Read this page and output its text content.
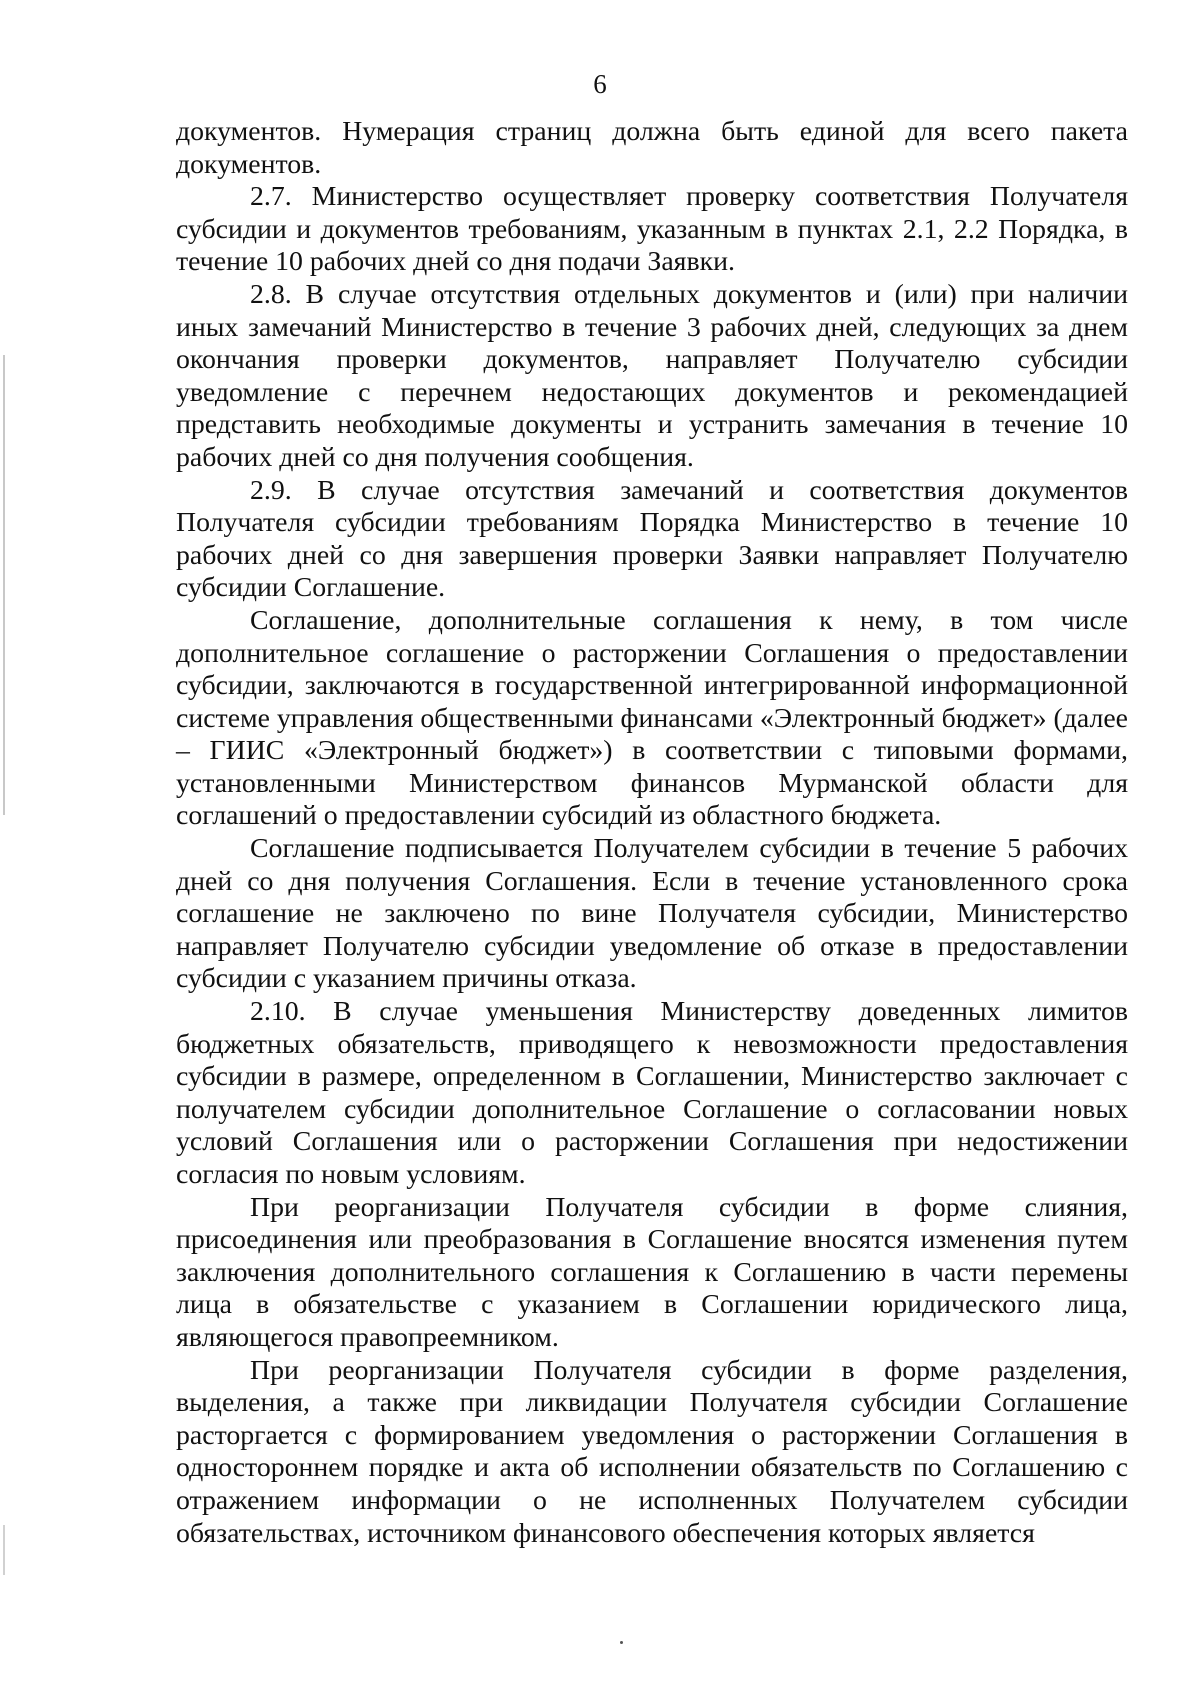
6

документов. Нумерация страниц должна быть единой для всего пакета документов.

2.7. Министерство осуществляет проверку соответствия Получателя субсидии и документов требованиям, указанным в пунктах 2.1, 2.2 Порядка, в течение 10 рабочих дней со дня подачи Заявки.

2.8. В случае отсутствия отдельных документов и (или) при наличии иных замечаний Министерство в течение 3 рабочих дней, следующих за днем окончания проверки документов, направляет Получателю субсидии уведомление с перечнем недостающих документов и рекомендацией представить необходимые документы и устранить замечания в течение 10 рабочих дней со дня получения сообщения.

2.9. В случае отсутствия замечаний и соответствия документов Получателя субсидии требованиям Порядка Министерство в течение 10 рабочих дней со дня завершения проверки Заявки направляет Получателю субсидии Соглашение.

Соглашение, дополнительные соглашения к нему, в том числе дополнительное соглашение о расторжении Соглашения о предоставлении субсидии, заключаются в государственной интегрированной информационной системе управления общественными финансами «Электронный бюджет» (далее – ГИИС «Электронный бюджет») в соответствии с типовыми формами, установленными Министерством финансов Мурманской области для соглашений о предоставлении субсидий из областного бюджета.

Соглашение подписывается Получателем субсидии в течение 5 рабочих дней со дня получения Соглашения. Если в течение установленного срока соглашение не заключено по вине Получателя субсидии, Министерство направляет Получателю субсидии уведомление об отказе в предоставлении субсидии с указанием причины отказа.

2.10. В случае уменьшения Министерству доведенных лимитов бюджетных обязательств, приводящего к невозможности предоставления субсидии в размере, определенном в Соглашении, Министерство заключает с получателем субсидии дополнительное Соглашение о согласовании новых условий Соглашения или о расторжении Соглашения при недостижении согласия по новым условиям.

При реорганизации Получателя субсидии в форме слияния, присоединения или преобразования в Соглашение вносятся изменения путем заключения дополнительного соглашения к Соглашению в части перемены лица в обязательстве с указанием в Соглашении юридического лица, являющегося правопреемником.

При реорганизации Получателя субсидии в форме разделения, выделения, а также при ликвидации Получателя субсидии Соглашение расторгается с формированием уведомления о расторжении Соглашения в одностороннем порядке и акта об исполнении обязательств по Соглашению с отражением информации о не исполненных Получателем субсидии обязательствах, источником финансового обеспечения которых является
